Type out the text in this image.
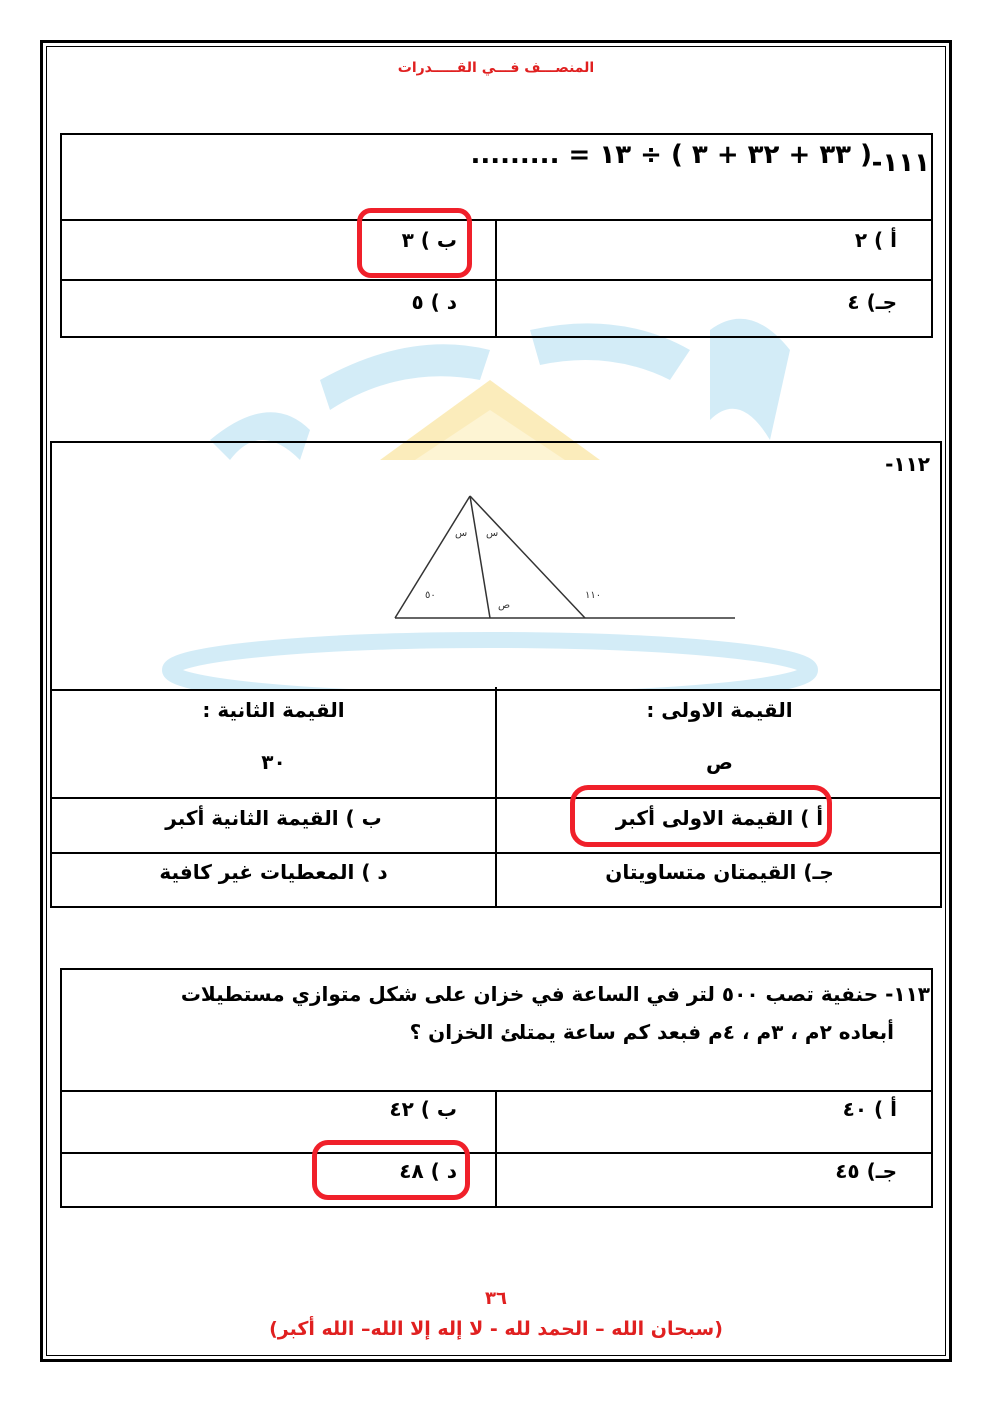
المنصـــف فـــي القـــــدرات
١١١-
( ٣٣ + ٣٢ + ٣ ) ÷ ١٣ = .........
أ ) ٢
ب ) ٣
جـ) ٤
د ) ٥
١١٢-
٥٠
س س
ص
١١٠
القيمة الاولى :
ص
القيمة الثانية :
٣٠
أ ) القيمة الاولى أكبر
ب ) القيمة الثانية أكبر
جـ) القيمتان متساويتان
د ) المعطيات غير كافية
١١٣- حنفية تصب ٥٠٠ لتر في الساعة في خزان على شكل متوازي مستطيلات
أبعاده ٢م ، ٣م ، ٤م فبعد كم ساعة يمتلئ الخزان ؟
أ ) ٤٠
ب ) ٤٢
جـ) ٤٥
د ) ٤٨
٣٦
(سبحان الله – الحمد لله - لا إله إلا الله– الله أكبر)
